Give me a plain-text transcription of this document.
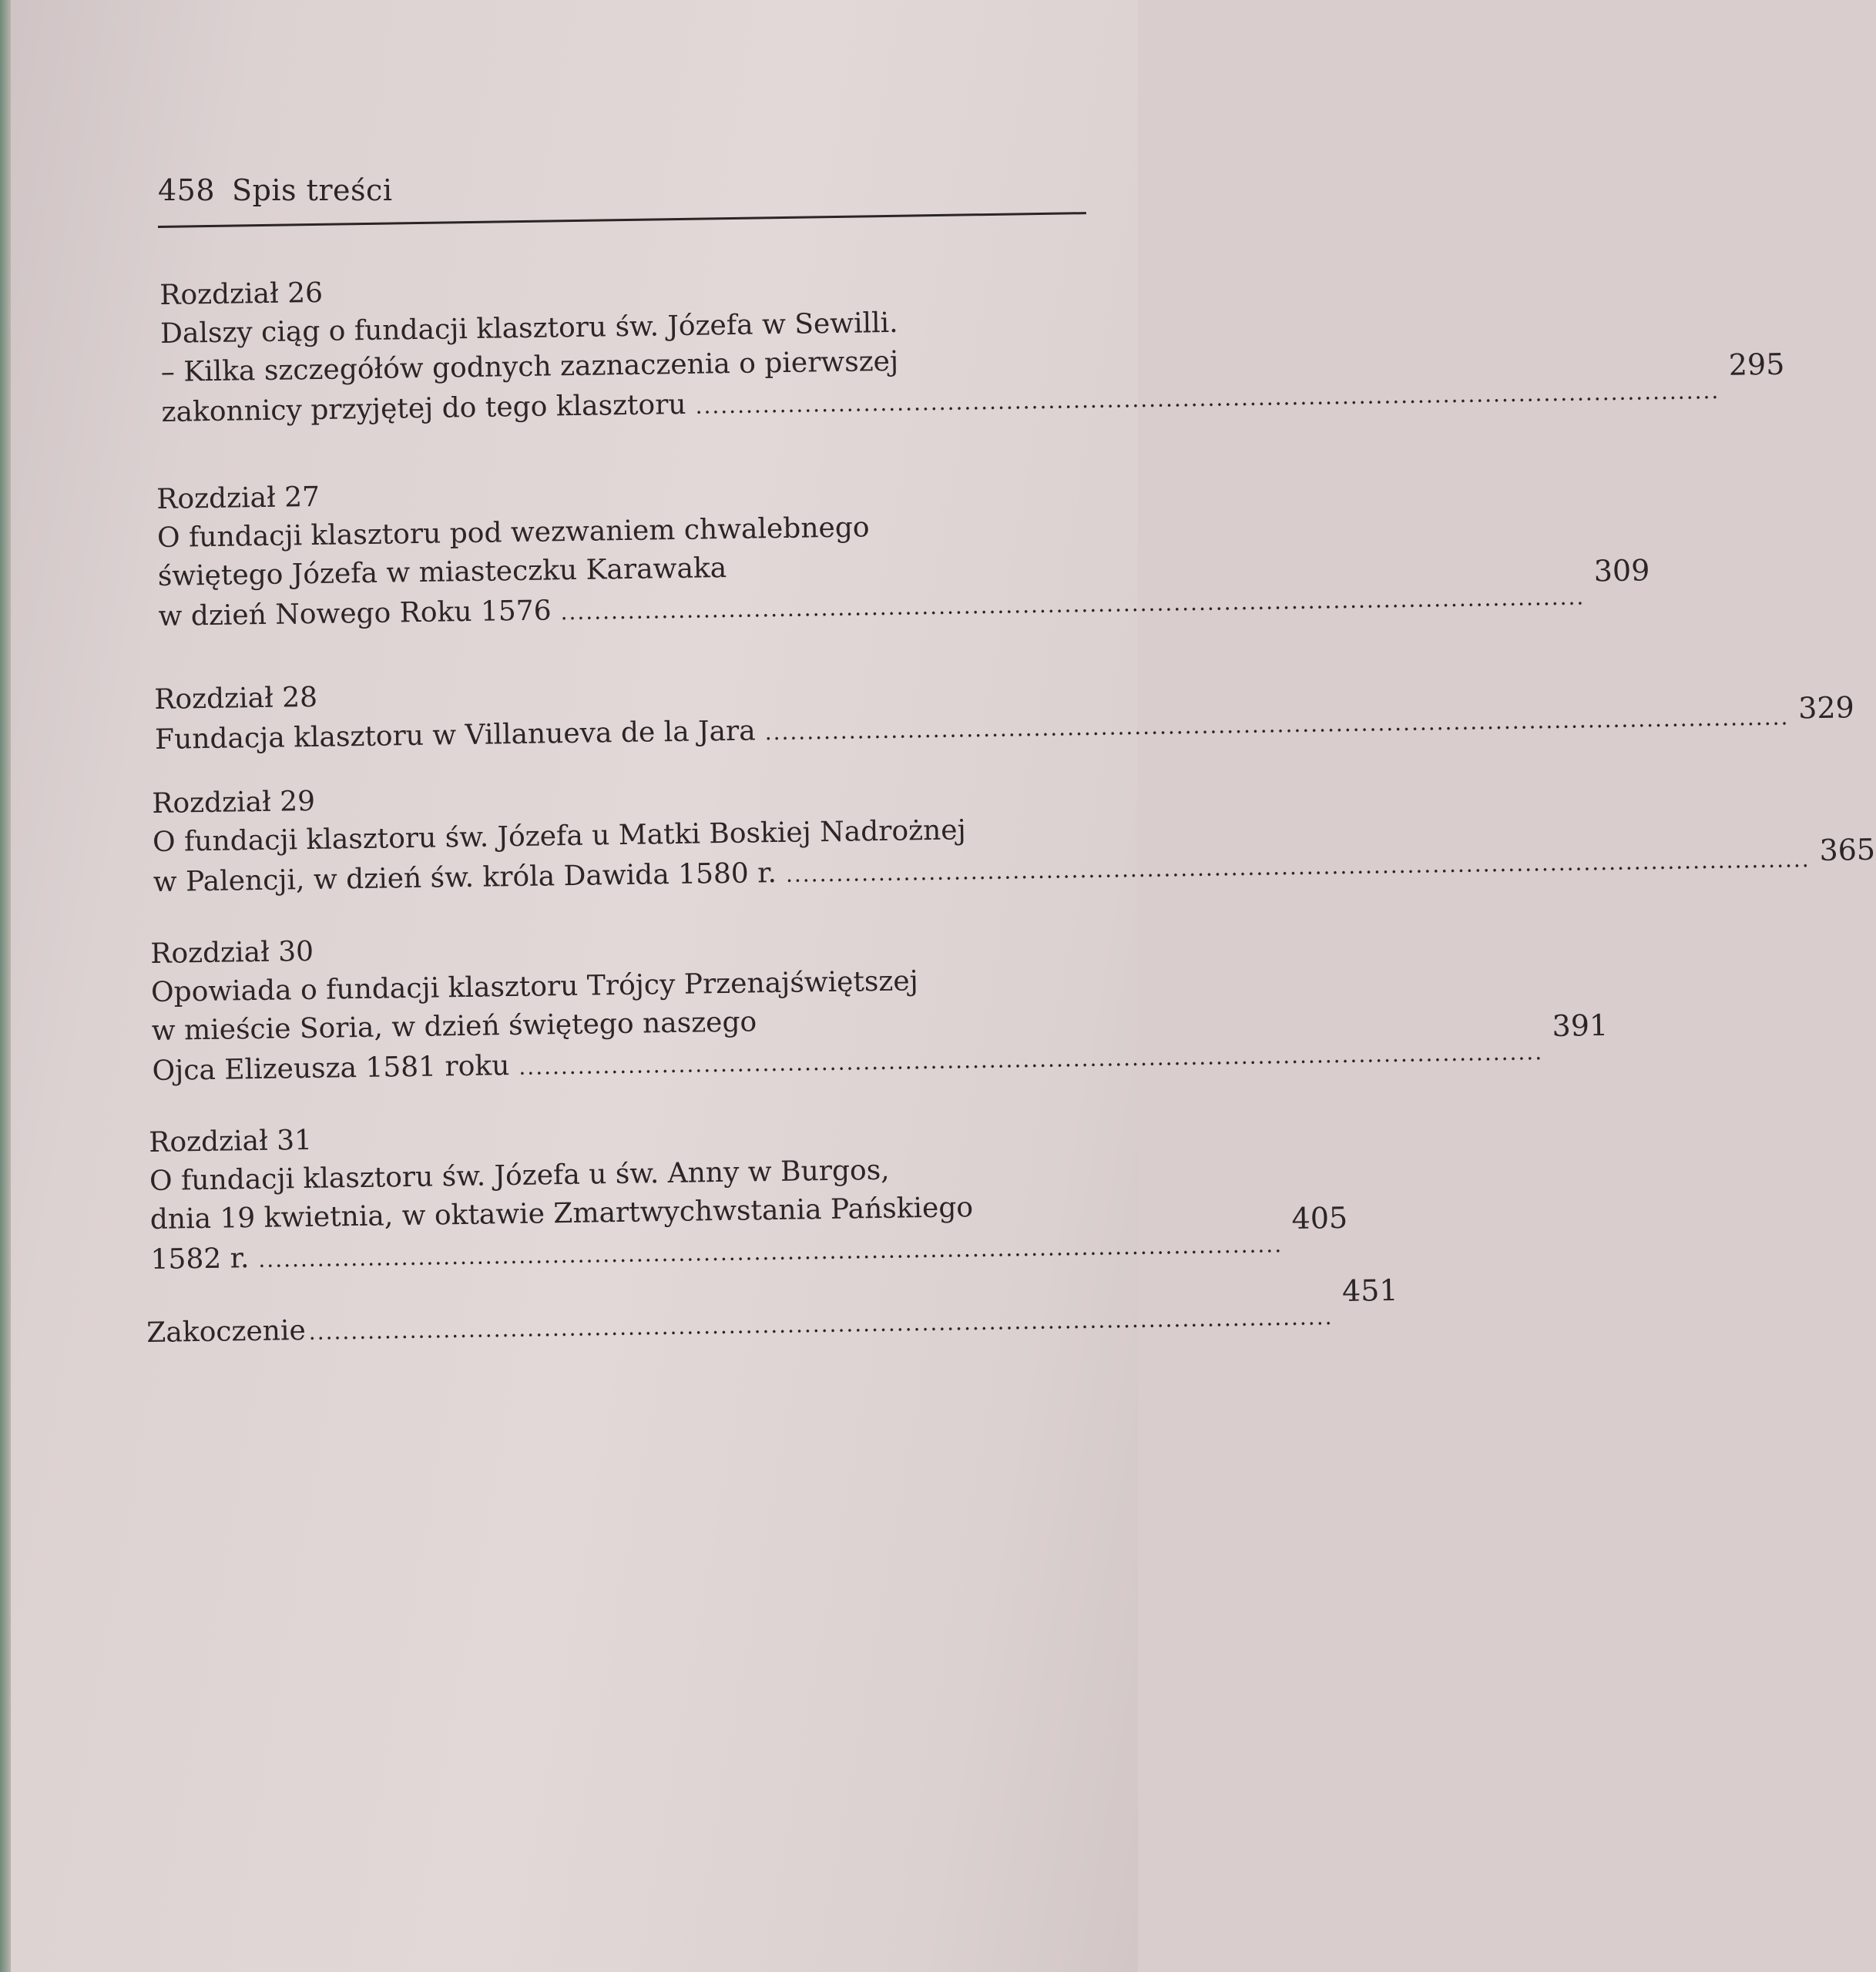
458 Spis treści
Rozdział 26
Dalszy ciąg o fundacji klasztoru św. Józefa w Sewilli.
– Kilka szczegółów godnych zaznaczenia o pierwszej
zakonnicy przyjętej do tego klasztoru ..........................................................................................................................
295
Rozdział 27
O fundacji klasztoru pod wezwaniem chwalebnego
świętego Józefa w miasteczku Karawaka
w dzień Nowego Roku 1576 ..........................................................................................................................
309
Rozdział 28
Fundacja klasztoru w Villanueva de la Jara .......................................................................................................................... 329
Rozdział 29
O fundacji klasztoru św. Józefa u Matki Boskiej Nadrożnej
w Palencji, w dzień św. króla Dawida 1580 r. .......................................................................................................................... 365
Rozdział 30
Opowiada o fundacji klasztoru Trójcy Przenajświętszej
w mieście Soria, w dzień świętego naszego
Ojca Elizeusza 1581 roku ..........................................................................................................................
391
Rozdział 31
O fundacji klasztoru św. Józefa u św. Anny w Burgos,
dnia 19 kwietnia, w oktawie Zmartwychwstania Pańskiego
1582 r. ..........................................................................................................................
405
Zakoczenie ..........................................................................................................................
451
